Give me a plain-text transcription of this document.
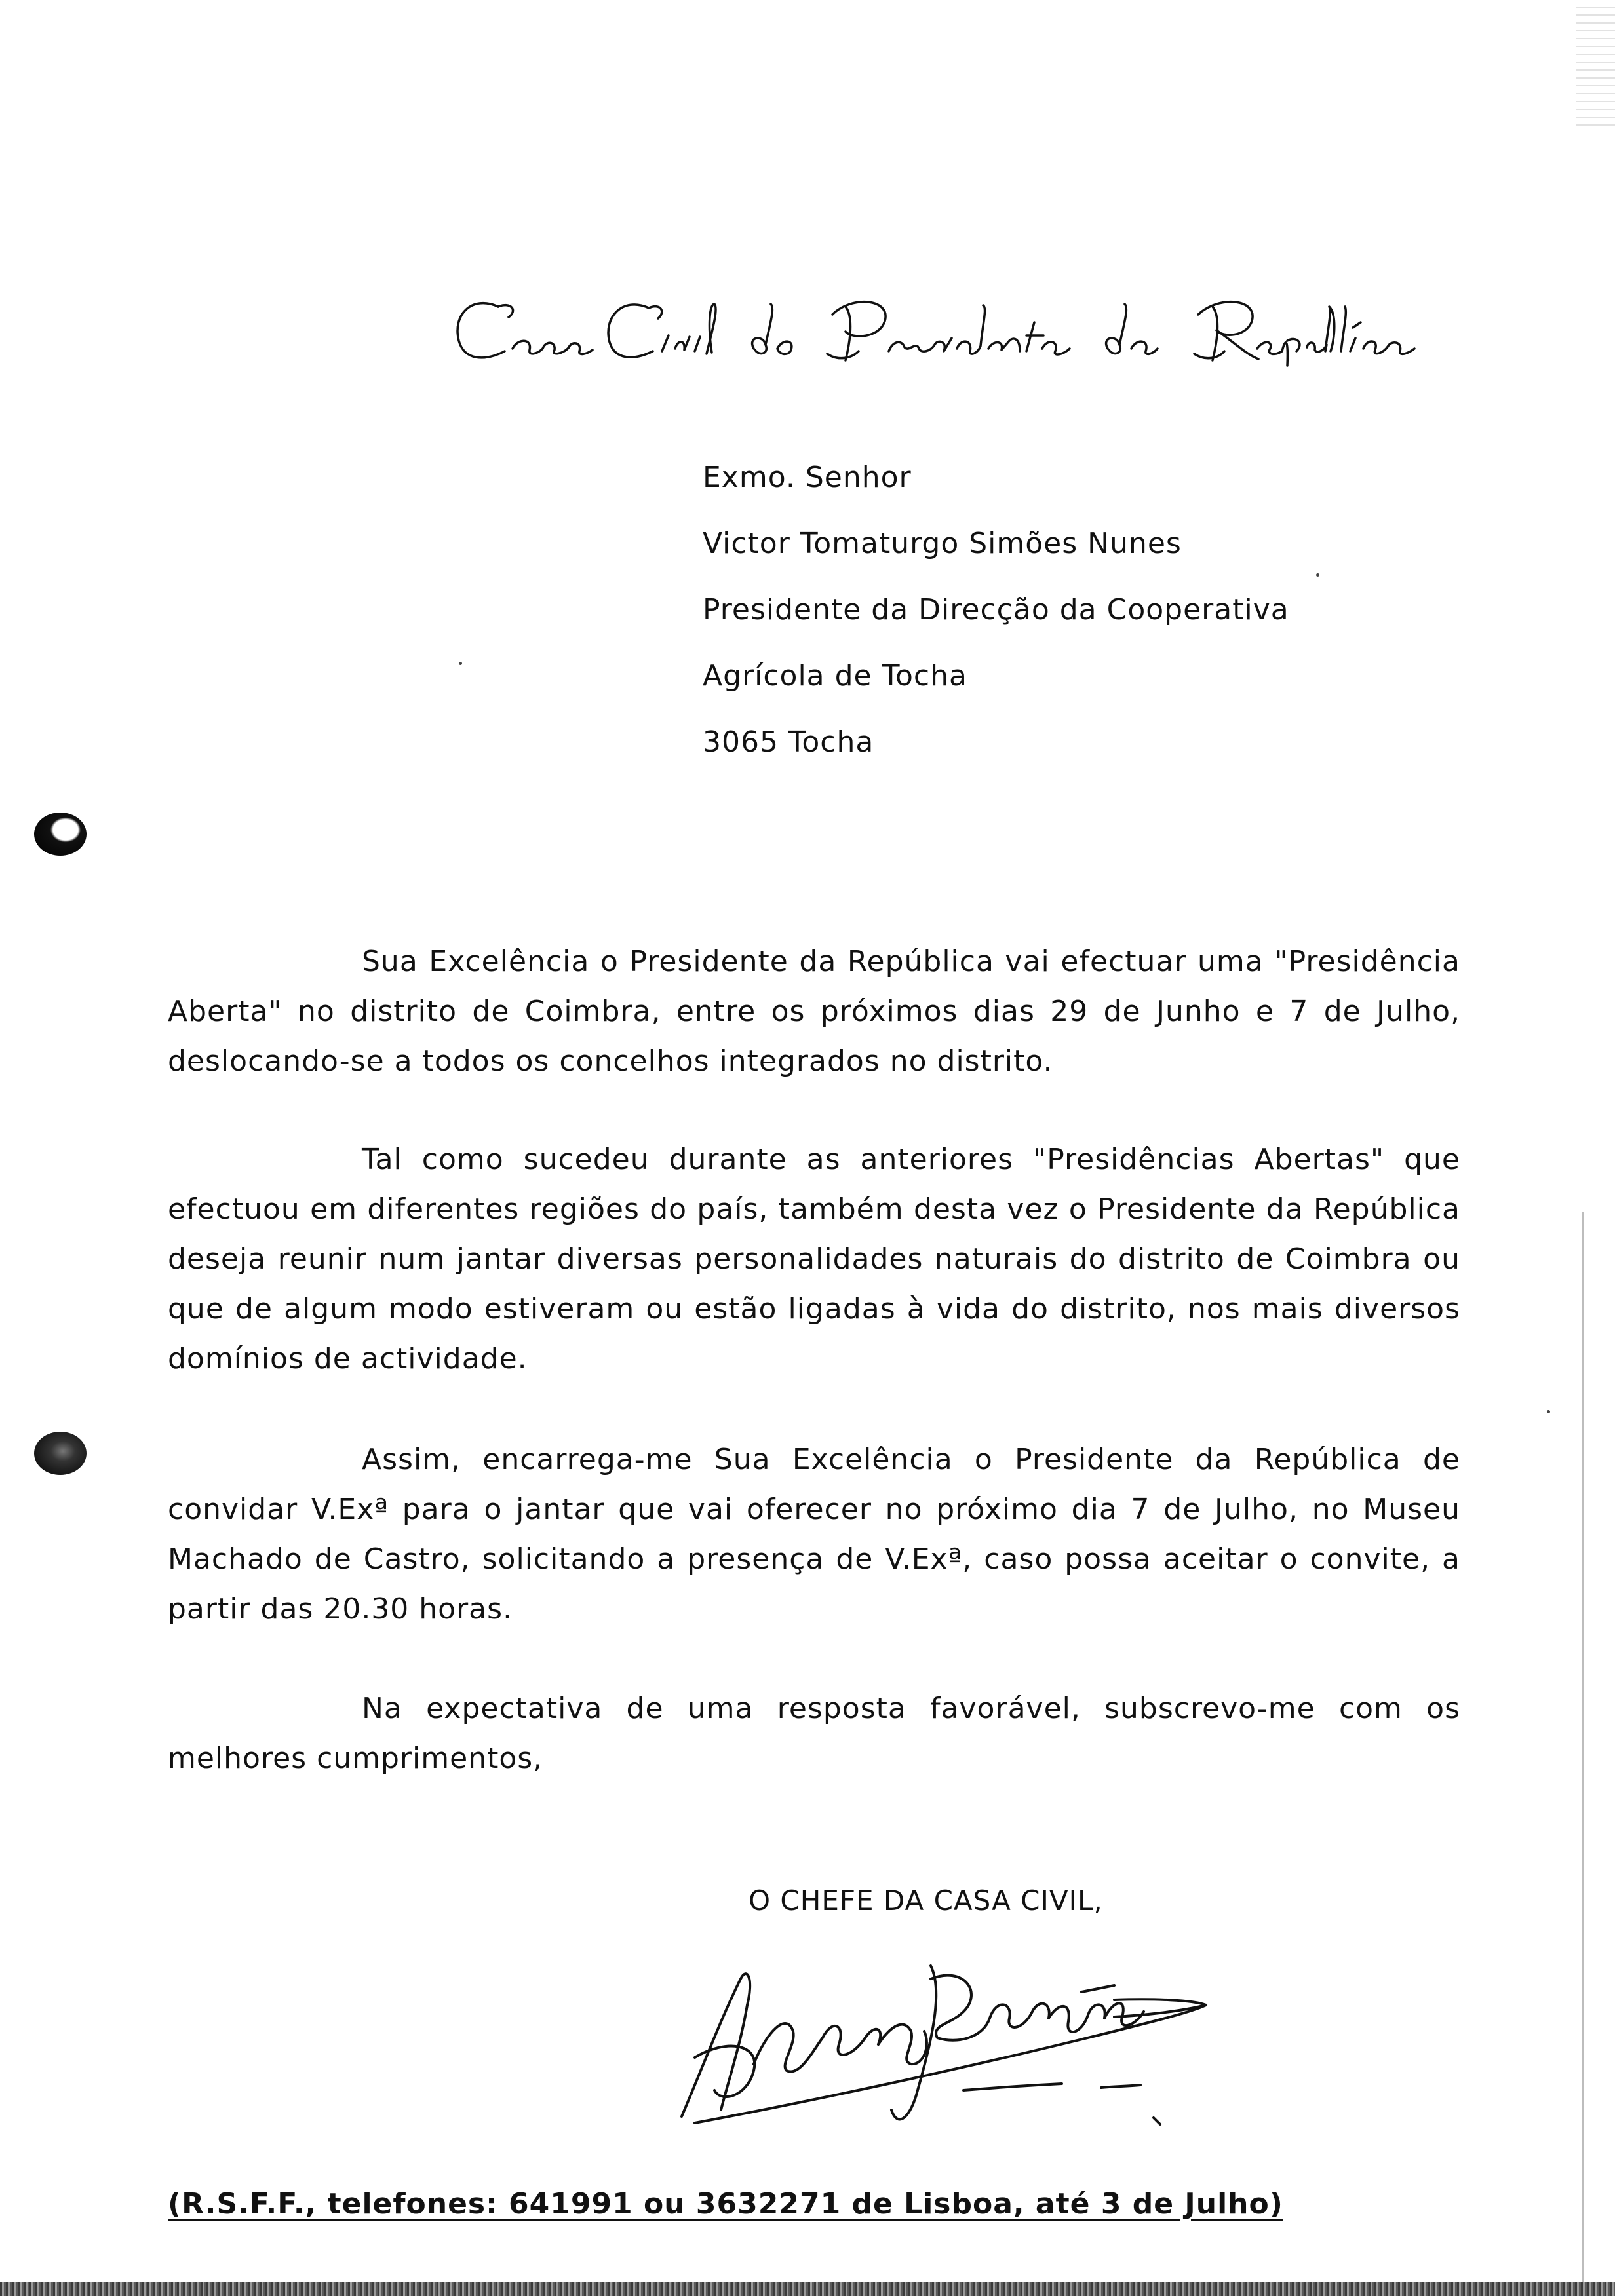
Exmo. Senhor
Victor Tomaturgo Simões Nunes
Presidente da Direcção da Cooperativa
Agrícola de Tocha
3065 Tocha

Sua Excelência o Presidente da República vai efectuar uma "Presidência Aberta" no distrito de Coimbra, entre os próximos dias 29 de Junho e 7 de Julho, deslocando-se a todos os concelhos integrados no distrito.

Tal como sucedeu durante as anteriores "Presidências Abertas" que efectuou em diferentes regiões do país, também desta vez o Presidente da República deseja reunir num jantar diversas personalidades naturais do distrito de Coimbra ou que de algum modo estiveram ou estão ligadas à vida do distrito, nos mais diversos domínios de actividade.

Assim, encarrega-me Sua Excelência o Presidente da República de convidar V.Exª para o jantar que vai oferecer no próximo dia 7 de Julho, no Museu Machado de Castro, solicitando a presença de V.Exª, caso possa aceitar o convite, a partir das 20.30 horas.

Na expectativa de uma resposta favorável, subscrevo-me com os melhores cumprimentos,

O CHEFE DA CASA CIVIL,
(R.S.F.F., telefones: 641991 ou 3632271 de Lisboa, até 3 de Julho)
